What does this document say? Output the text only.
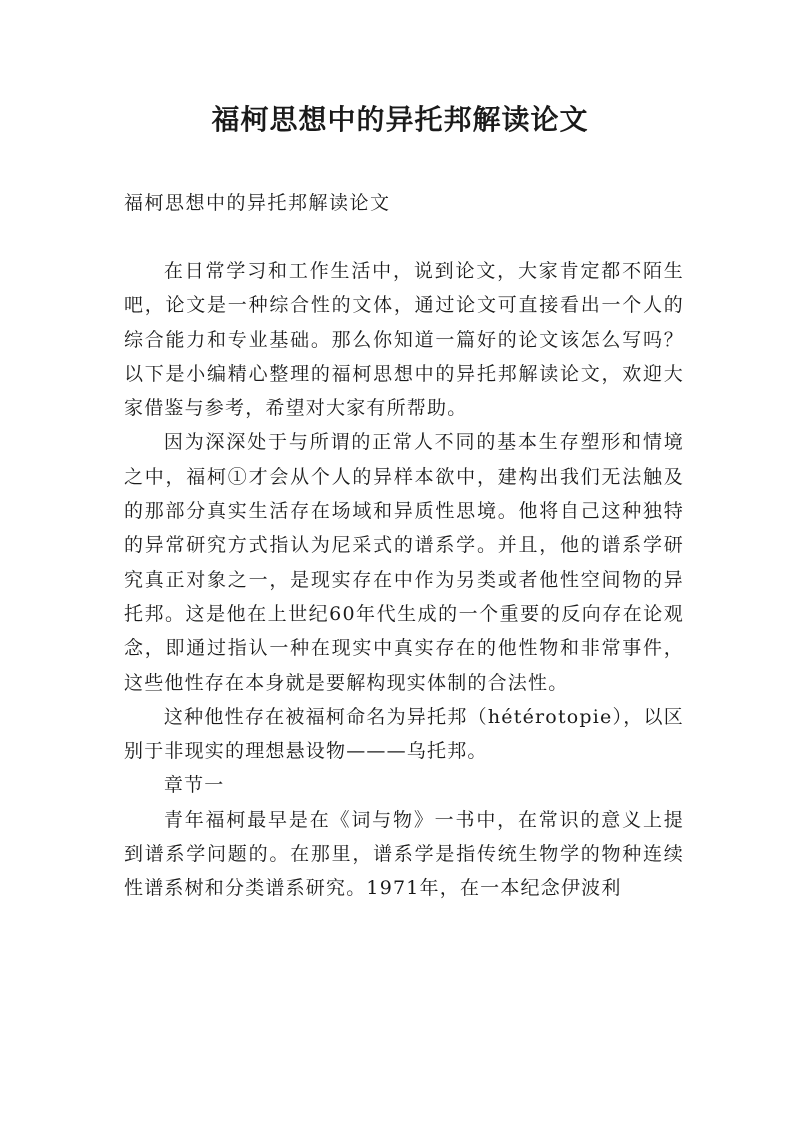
福柯思想中的异托邦解读论文

福柯思想中的异托邦解读论文

在日常学习和工作生活中，说到论文，大家肯定都不陌生吧，论文是一种综合性的文体，通过论文可直接看出一个人的综合能力和专业基础。那么你知道一篇好的论文该怎么写吗？以下是小编精心整理的福柯思想中的异托邦解读论文，欢迎大家借鉴与参考，希望对大家有所帮助。

因为深深处于与所谓的正常人不同的基本生存塑形和情境之中，福柯①才会从个人的异样本欲中，建构出我们无法触及的那部分真实生活存在场域和异质性思境。他将自己这种独特的异常研究方式指认为尼采式的谱系学。并且，他的谱系学研究真正对象之一，是现实存在中作为另类或者他性空间物的异托邦。这是他在上世纪60年代生成的一个重要的反向存在论观念，即通过指认一种在现实中真实存在的他性物和非常事件，这些他性存在本身就是要解构现实体制的合法性。

这种他性存在被福柯命名为异托邦（hétérotopie），以区别于非现实的理想悬设物———乌托邦。

章节一

青年福柯最早是在《词与物》一书中，在常识的意义上提到谱系学问题的。在那里，谱系学是指传统生物学的物种连续性谱系树和分类谱系研究。1971年，在一本纪念伊波利
